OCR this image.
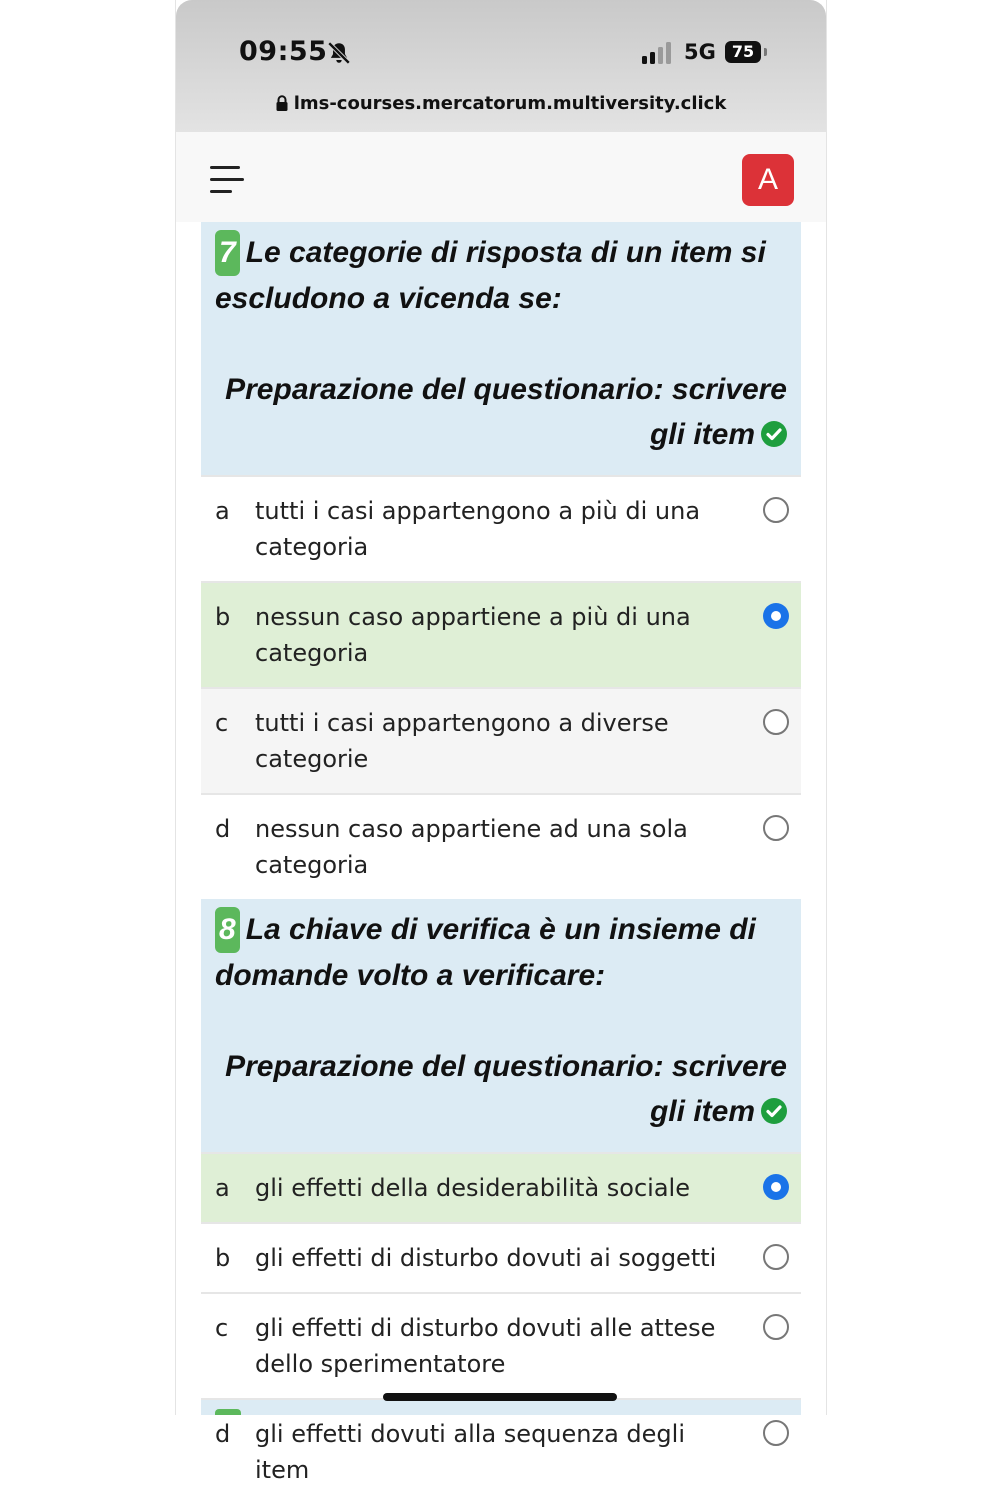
09:55	5G	75
lms-courses.mercatorum.multiversity.click
A
7 Le categorie di risposta di un item si escludono a vicenda se:
Preparazione del questionario: scrivere gli item
a	tutti i casi appartengono a più di una categoria
b	nessun caso appartiene a più di una categoria
c	tutti i casi appartengono a diverse categorie
d	nessun caso appartiene ad una sola categoria
8 La chiave di verifica è un insieme di domande volto a verificare:
Preparazione del questionario: scrivere gli item
a	gli effetti della desiderabilità sociale
b	gli effetti di disturbo dovuti ai soggetti
c	gli effetti di disturbo dovuti alle attese dello sperimentatore
d	gli effetti dovuti alla sequenza degli item
